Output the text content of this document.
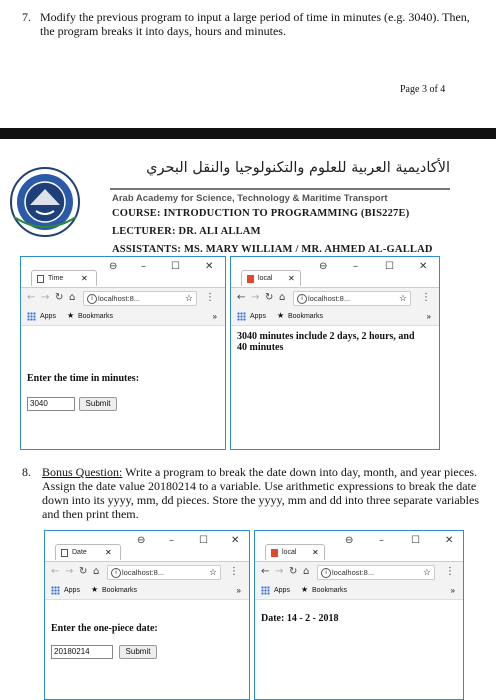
7. Modify the previous program to input a large period of time in minutes (e.g. 3040). Then, the program breaks it into days, hours and minutes.
Page 3 of 4
الأكاديمية العربية للعلوم والتكنولوجيا والنقل البحري
Arab Academy for Science, Technology & Maritime Transport
COURSE: INTRODUCTION TO PROGRAMMING (BIS227E)
LECTURER: DR. ALI ALLAM
ASSISTANTS: MS. MARY WILLIAM / MR. AHMED AL-GALLAD
Time ✕
⊖ –	☐	✕
← → ↻ ⌂	i localhost:8...	☆ ⋮
Apps ★ Bookmarks	»
Enter the time in minutes:
3040	Submit
local ✕
⊖	–	☐	✕
← → ↻ ⌂	i localhost:8...	☆ ⋮
Apps ★ Bookmarks	»
3040 minutes include 2 days, 2 hours, and 40 minutes
8. Bonus Question: Write a program to break the date down into day, month, and year pieces. Assign the date value 20180214 to a variable. Use arithmetic expressions to break the date down into its yyyy, mm, dd pieces. Store the yyyy, mm and dd into three separate variables and then print them.
Date ✕
⊖ –	☐ ✕
← → ↻ ⌂	i localhost:8...	☆ ⋮
Apps ★ Bookmarks	»
Enter the one-piece date:
20180214	Submit
local ✕
⊖	–	☐	✕
← → ↻ ⌂	i localhost:8...	☆ ⋮
Apps ★ Bookmarks	»
Date: 14 - 2 - 2018
